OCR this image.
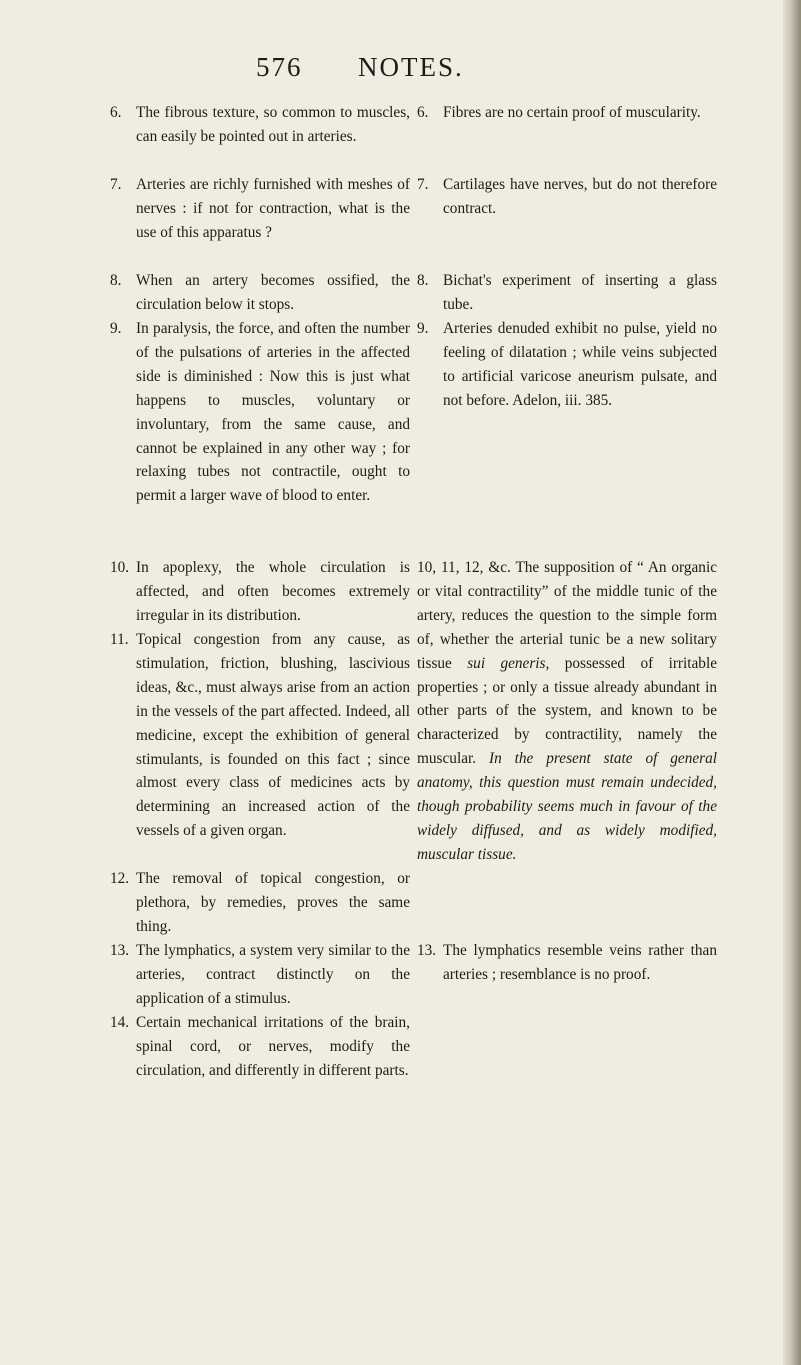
576 NOTES.

6. The fibrous texture, so common to muscles, can easily be pointed out in arteries.

7. Arteries are richly furnished with meshes of nerves : if not for contraction, what is the use of this apparatus ?

8. When an artery becomes ossified, the circulation below it stops.

9. In paralysis, the force, and often the number of the pulsations of arteries in the affected side is diminished : Now this is just what happens to muscles, voluntary or involuntary, from the same cause, and cannot be explained in any other way ; for relaxing tubes not contractile, ought to permit a larger wave of blood to enter.

10. In apoplexy, the whole circulation is affected, and often becomes extremely irregular in its distribution.

11. Topical congestion from any cause, as stimulation, friction, blushing, lascivious ideas, &c., must always arise from an action in the vessels of the part affected. Indeed, all medicine, except the exhibition of general stimulants, is founded on this fact ; since almost every class of medicines acts by determining an increased action of the vessels of a given organ.

12. The removal of topical congestion, or plethora, by remedies, proves the same thing.

13. The lymphatics, a system very similar to the arteries, contract distinctly on the application of a stimulus.

14. Certain mechanical irritations of the brain, spinal cord, or nerves, modify the circulation, and differently in different parts.

6. Fibres are no certain proof of muscularity.

7. Cartilages have nerves, but do not therefore contract.

8. Bichat's experiment of inserting a glass tube.

9. Arteries denuded exhibit no pulse, yield no feeling of dilatation ; while veins subjected to artificial varicose aneurism pulsate, and not before. Adelon, iii. 385.

10, 11, 12, &c. The supposition of “ An organic or vital contractility” of the middle tunic of the artery, reduces the question to the simple form of, whether the arterial tunic be a new solitary tissue sui generis, possessed of irritable properties ; or only a tissue already abundant in other parts of the system, and known to be characterized by contractility, namely the muscular. In the present state of general anatomy, this question must remain undecided, though probability seems much in favour of the widely diffused, and as widely modified, muscular tissue.

13. The lymphatics resemble veins rather than arteries ; resemblance is no proof.
